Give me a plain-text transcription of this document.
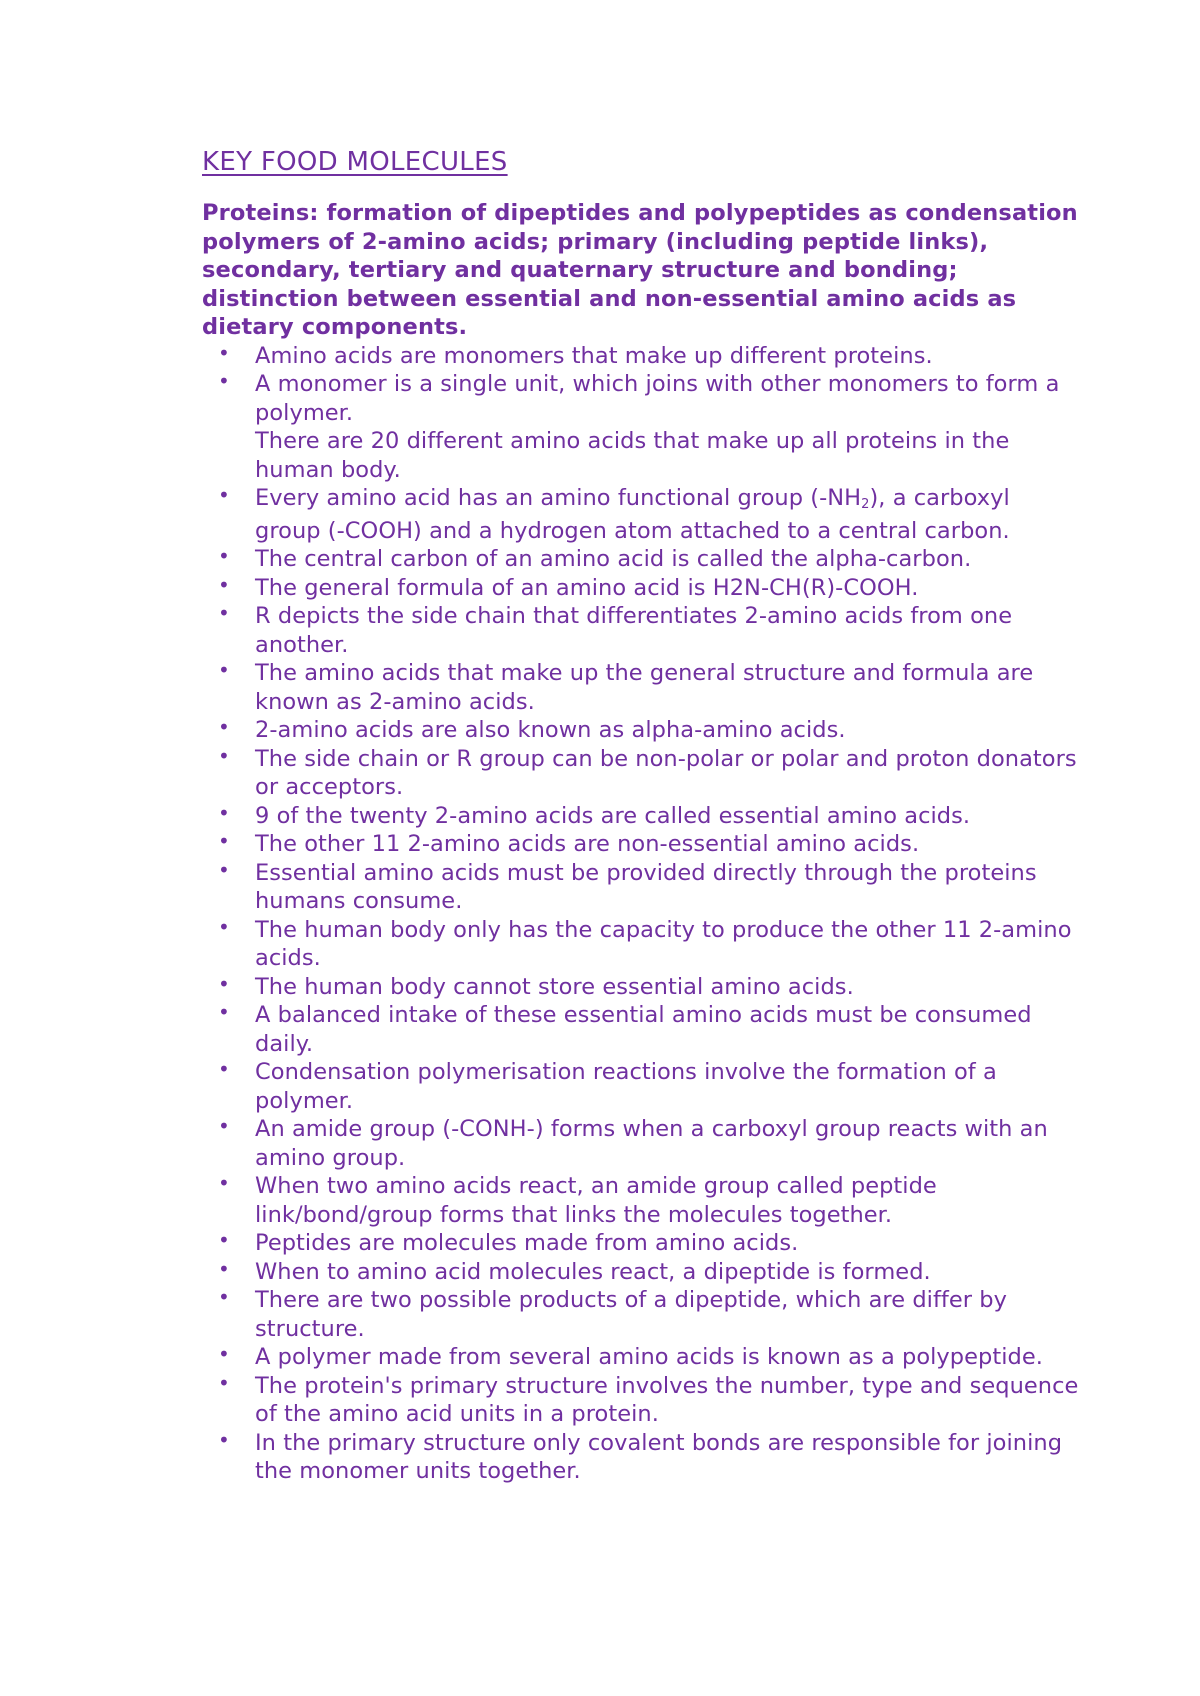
KEY FOOD MOLECULES

Proteins: formation of dipeptides and polypeptides as condensation polymers of 2-amino acids; primary (including peptide links), secondary, tertiary and quaternary structure and bonding; distinction between essential and non-essential amino acids as dietary components.

• Amino acids are monomers that make up different proteins.
• A monomer is a single unit, which joins with other monomers to form a polymer.
There are 20 different amino acids that make up all proteins in the human body.
• Every amino acid has an amino functional group $(-NH_2)$, a carboxyl group (-COOH) and a hydrogen atom attached to a central carbon.
• The central carbon of an amino acid is called the alpha-carbon.
• The general formula of an amino acid is H2N-CH(R)-COOH.
• R depicts the side chain that differentiates 2-amino acids from one another.
• The amino acids that make up the general structure and formula are known as 2-amino acids.
• 2-amino acids are also known as alpha-amino acids.
• The side chain or R group can be non-polar or polar and proton donators or acceptors.
• 9 of the twenty 2-amino acids are called essential amino acids.
• The other 11 2-amino acids are non-essential amino acids.
• Essential amino acids must be provided directly through the proteins humans consume.
• The human body only has the capacity to produce the other 11 2-amino acids.
• The human body cannot store essential amino acids.
• A balanced intake of these essential amino acids must be consumed daily.
• Condensation polymerisation reactions involve the formation of a polymer.
• An amide group (-CONH-) forms when a carboxyl group reacts with an amino group.
• When two amino acids react, an amide group called peptide link/bond/group forms that links the molecules together.
• Peptides are molecules made from amino acids.
• When to amino acid molecules react, a dipeptide is formed.
• There are two possible products of a dipeptide, which are differ by structure.
• A polymer made from several amino acids is known as a polypeptide.
• The protein's primary structure involves the number, type and sequence of the amino acid units in a protein.
• In the primary structure only covalent bonds are responsible for joining the monomer units together.
